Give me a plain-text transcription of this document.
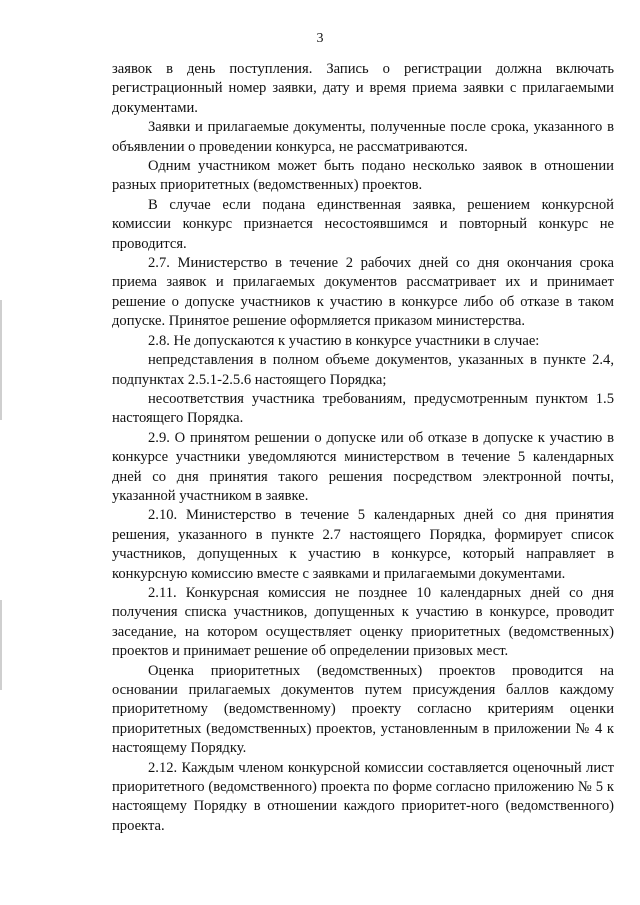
3

заявок в день поступления. Запись о регистрации должна включать регистрационный номер заявки, дату и время приема заявки с прилагаемыми документами.

Заявки и прилагаемые документы, полученные после срока, указанного в объявлении о проведении конкурса, не рассматриваются.

Одним участником может быть подано несколько заявок в отношении разных приоритетных (ведомственных) проектов.

В случае если подана единственная заявка, решением конкурсной комиссии конкурс признается несостоявшимся и повторный конкурс не проводится.

2.7. Министерство в течение 2 рабочих дней со дня окончания срока приема заявок и прилагаемых документов рассматривает их и принимает решение о допуске участников к участию в конкурсе либо об отказе в таком допуске. Принятое решение оформляется приказом министерства.

2.8. Не допускаются к участию в конкурсе участники в случае:

непредставления в полном объеме документов, указанных в пункте 2.4, подпунктах 2.5.1-2.5.6 настоящего Порядка;

несоответствия участника требованиям, предусмотренным пунктом 1.5 настоящего Порядка.

2.9. О принятом решении о допуске или об отказе в допуске к участию в конкурсе участники уведомляются министерством в течение 5 календарных дней со дня принятия такого решения посредством электронной почты, указанной участником в заявке.

2.10. Министерство в течение 5 календарных дней со дня принятия решения, указанного в пункте 2.7 настоящего Порядка, формирует список участников, допущенных к участию в конкурсе, который направляет в конкурсную комиссию вместе с заявками и прилагаемыми документами.

2.11. Конкурсная комиссия не позднее 10 календарных дней со дня получения списка участников, допущенных к участию в конкурсе, проводит заседание, на котором осуществляет оценку приоритетных (ведомственных) проектов и принимает решение об определении призовых мест.

Оценка приоритетных (ведомственных) проектов проводится на основании прилагаемых документов путем присуждения баллов каждому приоритетному (ведомственному) проекту согласно критериям оценки приоритетных (ведомственных) проектов, установленным в приложении № 4 к настоящему Порядку.

2.12. Каждым членом конкурсной комиссии составляется оценочный лист приоритетного (ведомственного) проекта по форме согласно приложению № 5 к настоящему Порядку в отношении каждого приоритет-ного (ведомственного) проекта.
